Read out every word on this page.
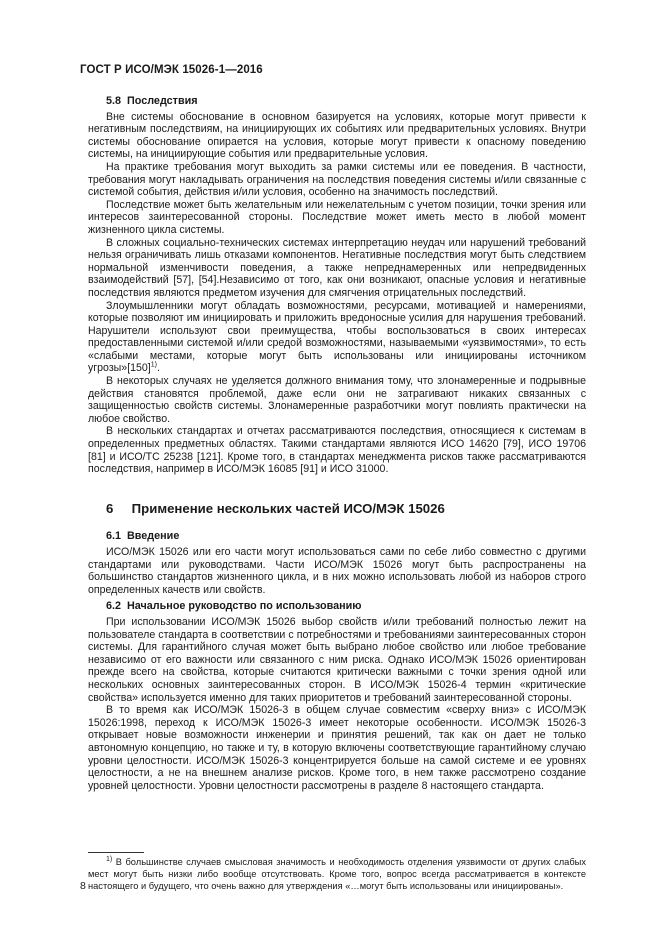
ГОСТ Р ИСО/МЭК 15026-1—2016
5.8 Последствия

Вне системы обоснование в основном базируется на условиях, которые могут привести к негативным последствиям, на инициирующих их событиях или предварительных условиях. Внутри системы обоснование опирается на условия, которые могут привести к опасному поведению системы, на инициирующие события или предварительные условия.

На практике требования могут выходить за рамки системы или ее поведения. В частности, требования могут накладывать ограничения на последствия поведения системы и/или связанные с системой события, действия и/или условия, особенно на значимость последствий.

Последствие может быть желательным или нежелательным с учетом позиции, точки зрения или интересов заинтересованной стороны. Последствие может иметь место в любой момент жизненного цикла системы.

В сложных социально-технических системах интерпретацию неудач или нарушений требований нельзя ограничивать лишь отказами компонентов. Негативные последствия могут быть следствием нормальной изменчивости поведения, а также непреднамеренных или непредвиденных взаимодействий [57], [54].Независимо от того, как они возникают, опасные условия и негативные последствия являются предметом изучения для смягчения отрицательных последствий.

Злоумышленники могут обладать возможностями, ресурсами, мотивацией и намерениями, которые позволяют им инициировать и приложить вредоносные усилия для нарушения требований. Нарушители используют свои преимущества, чтобы воспользоваться в своих интересах предоставленными системой и/или средой возможностями, называемыми «уязвимостями», то есть «слабыми местами, которые могут быть использованы или инициированы источником $угрозы»[150]^{1)}$.

В некоторых случаях не уделяется должного внимания тому, что злонамеренные и подрывные действия становятся проблемой, даже если они не затрагивают никаких связанных с защищенностью свойств системы. Злонамеренные разработчики могут повлиять практически на любое свойство.

В нескольких стандартах и отчетах рассматриваются последствия, относящиеся к системам в определенных предметных областях. Такими стандартами являются ИСО 14620 [79], ИСО 19706 [81] и ИСО/ТС 25238 [121]. Кроме того, в стандартах менеджмента рисков также рассматриваются последствия, например в ИСО/МЭК 16085 [91] и ИСО 31000.

6 Применение нескольких частей ИСО/МЭК 15026
6.1 Введение

ИСО/МЭК 15026 или его части могут использоваться сами по себе либо совместно с другими стандартами или руководствами. Части ИСО/МЭК 15026 могут быть распространены на большинство стандартов жизненного цикла, и в них можно использовать любой из наборов строго определенных качеств или свойств.

6.2 Начальное руководство по использованию

При использовании ИСО/МЭК 15026 выбор свойств и/или требований полностью лежит на пользователе стандарта в соответствии с потребностями и требованиями заинтересованных сторон системы. Для гарантийного случая может быть выбрано любое свойство или любое требование независимо от его важности или связанного с ним риска. Однако ИСО/МЭК 15026 ориентирован прежде всего на свойства, которые считаются критически важными с точки зрения одной или нескольких основных заинтересованных сторон. В ИСО/МЭК 15026-4 термин «критические свойства» используется именно для таких приоритетов и требований заинтересованной стороны.

В то время как ИСО/МЭК 15026-3 в общем случае совместим «сверху вниз» с ИСО/МЭК 15026:1998, переход к ИСО/МЭК 15026-3 имеет некоторые особенности. ИСО/МЭК 15026-3 открывает новые возможности инженерии и принятия решений, так как он дает не только автономную концепцию, но также и ту, в которую включены соответствующие гарантийному случаю уровни целостности. ИСО/МЭК 15026-3 концентрируется больше на самой системе и ее уровнях целостности, а не на внешнем анализе рисков. Кроме того, в нем также рассмотрено создание уровней целостности. Уровни целостности рассмотрены в разделе 8 настоящего стандарта.

$^{1)}$ В большинстве случаев смысловая значимость и необходимость отделения уязвимости от других слабых мест могут быть низки либо вообще отсутствовать. Кроме того, вопрос всегда рассматривается в контексте настоящего и будущего, что очень важно для утверждения «…могут быть использованы или инициированы».
8
